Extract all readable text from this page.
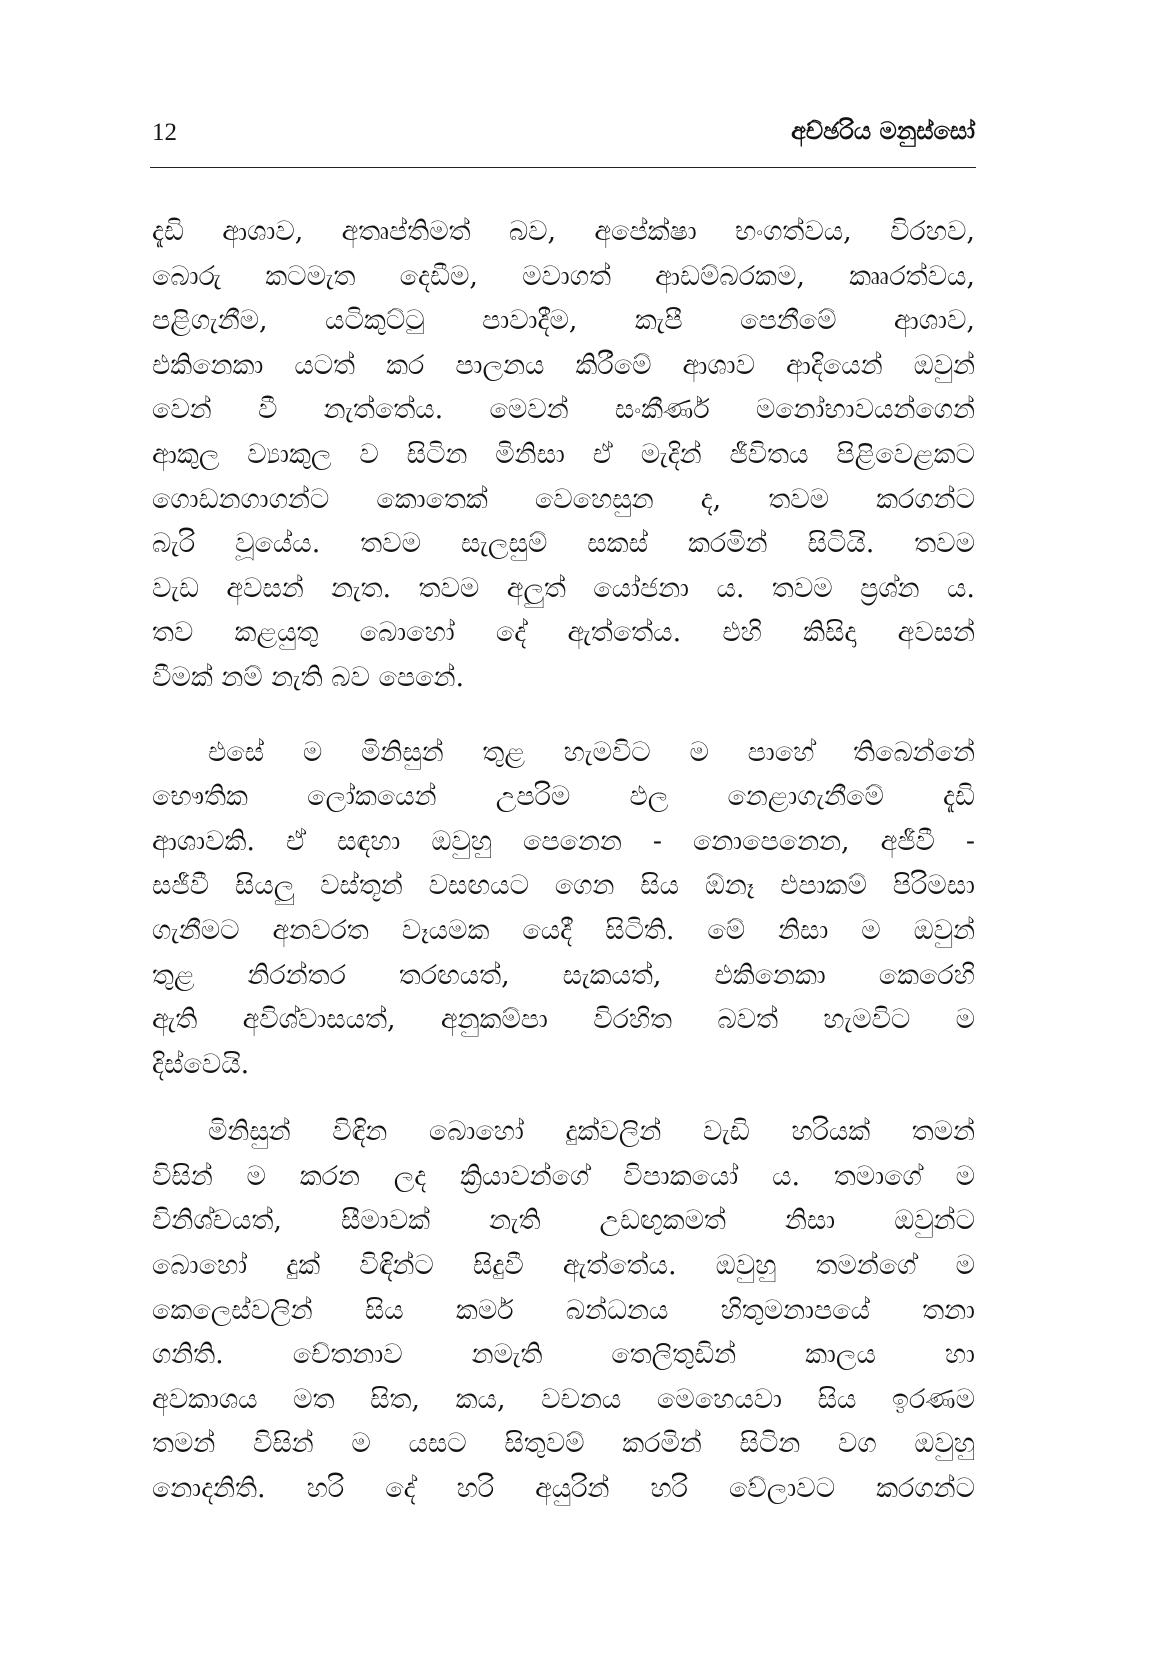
12	අච්ඡරිය මනුස්සෝ
දැඩි ආශාව, අතෘප්තිමත් බව, අපේක්ෂා භංගත්වය, විරහව,
බොරු කටමැත දෙඩීම, මවාගත් ආඩම්බරකම, කෲරත්වය,
පළිගැනීම, යටිකුට්ටු පාවාදීම, කැපී පෙනීමේ ආශාව,
එකිනෙකා යටත් කර පාලනය කිරීමේ ආශාව ආදියෙන් ඔවුන්
වෙන් වී නැත්තේය. මෙවන් සංකීර්ණ මනෝභාවයන්ගෙන්
ආකුල ව්‍යාකුල ව සිටින මිනිසා ඒ මැදින් ජීවිතය පිළිවෙළකට
ගොඩනගාගන්ට කොතෙක් වෙහෙසුන ද, තවම කරගන්ට
බැරි වූයේය. තවම සැලසුම් සකස් කරමින් සිටියි. තවම
වැඩ අවසන් නැත. තවම අලුත් යෝජනා ය. තවම ප්‍රශ්න ය.
තව කළයුතු බොහෝ දේ ඇත්තේය. එහි කිසිදා අවසන්
වීමක් නම් නැති බව පෙනේ.
එසේ ම මිනිසුන් තුළ හැමවිට ම පාහේ තිබෙන්නේ
භෞතික ලෝකයෙන් උපරිම ඵල නෙළාගැනීමේ දැඩි
ආශාවකි. ඒ සඳහා ඔවුහු පෙනෙන - නොපෙනෙන, අජීවී -
සජීවී සියලු වස්තූන් වසඟයට ගෙන සිය ඕනෑ එපාකම් පිරිමසා
ගැනීමට අනවරත වෑයමක යෙදී සිටිති. මේ නිසා ම ඔවුන්
තුළ නිරන්තර තරඟයත්, සැකයත්, එකිනෙකා කෙරෙහි
ඇති අවිශ්වාසයත්, අනුකම්පා විරහිත බවත් හැමවිට ම
දිස්වෙයි.
මිනිසුන් විඳින බොහෝ දුක්වලින් වැඩි හරියක් තමන්
විසින් ම කරන ලද ක්‍රියාවන්ගේ විපාකයෝ ය. තමාගේ ම
විනිශ්චයත්, සීමාවක් නැති උඩඟුකමත් නිසා ඔවුන්ට
බොහෝ දුක් විඳින්ට සිදුවී ඇත්තේය. ඔවුහු තමන්ගේ ම
කෙලෙස්වලින් සිය කර්ම බන්ධනය හිතුමනාපයේ තනා
ගනිති. චේතනාව නමැති තෙලිතුඩින් කාලය හා
අවකාශය මත සිත, කය, වචනය මෙහෙයවා සිය ඉරණම
තමන් විසින් ම යසට සිතුවම් කරමින් සිටින වග ඔවුහු
නොදනිති. හරි දේ හරි අයුරින් හරි වේලාවට කරගන්ට
